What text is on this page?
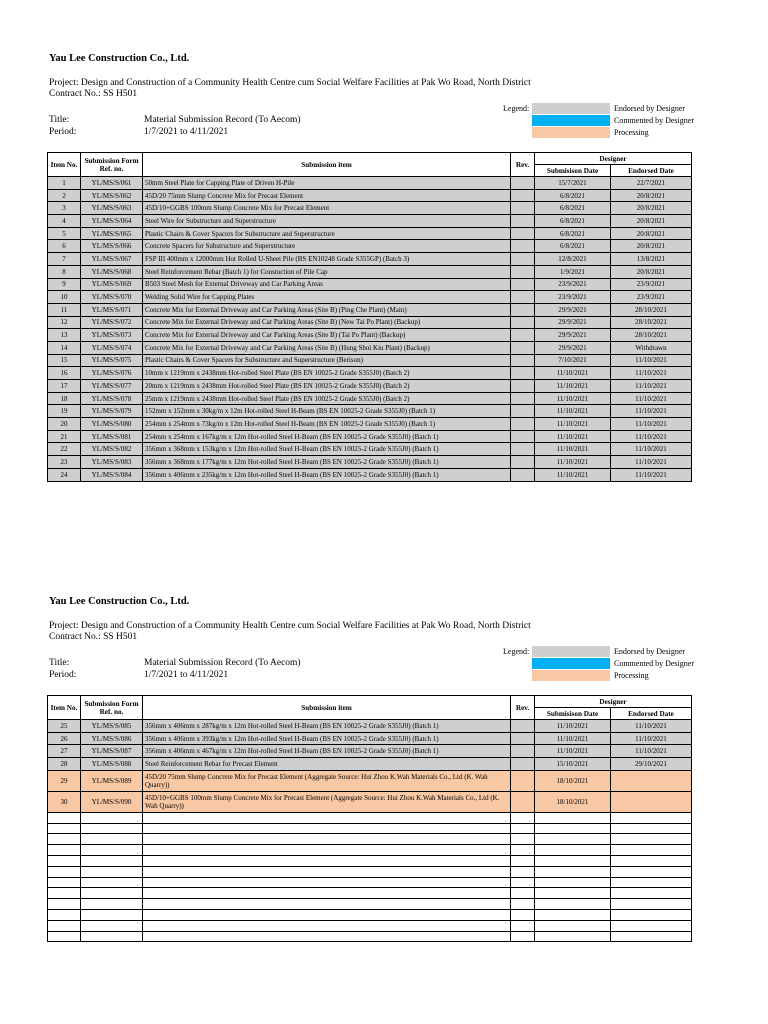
Yau Lee Construction Co., Ltd.
Project: Design and Construction of a Community Health Centre cum Social Welfare Facilities at Pak Wo Road, North District
Contract No.: SS H501
Title:	Material Submission Record (To Aecom)
Period:	1/7/2021 to 4/11/2021
Legend:	Endorsed by Designer
Commented by Designer
Processing
Item No.	Submission Form Ref. no.	Submission item	Rev.	Designer	
				Submisison Date	Endorsed Date
1	YL/MS/S/061	50mm Steel Plate for Capping Plate of Driven H-Pile		15/7/2021	22/7/2021
2	YL/MS/S/062	45D/20 75mm Slump Concrete Mix for Precast Element		6/8/2021	20/8/2021
3	YL/MS/S/063	45D/10+GGBS 100mm Slump Concrete Mix for Precast Element		6/8/2021	20/8/2021
4	YL/MS/S/064	Steel Wire for Substructure and Superstructure		6/8/2021	20/8/2021
5	YL/MS/S/065	Plastic Chairs & Cover Spacers for Substructure and Superstructure		6/8/2021	20/8/2021
6	YL/MS/S/066	Concrete Spacers for Substructure and Superstructure		6/8/2021	20/8/2021
7	YL/MS/S/067	FSP III 400mm x 12000mm Hot Rolled U-Sheet Pile (BS EN10248 Grade S355GP) (Batch 3)		12/8/2021	13/8/2021
8	YL/MS/S/068	Steel Reinforcement Rebar (Batch 1) for Constuction of Pile Cap		1/9/2021	20/8/2021
9	YL/MS/S/069	B503 Steel Mesh for External Driveway and Car Parking Areas		23/9/2021	23/9/2021
10	YL/MS/S/070	Welding Solid Wire for Capping Plates		23/9/2021	23/9/2021
11	YL/MS/S/071	Concrete Mix for External Driveway and Car Parking Areas (Site B) (Ping Che Plant) (Main)		29/9/2021	28/10/2021
12	YL/MS/S/072	Concrete Mix for External Driveway and Car Parking Areas (Site B) (New Tai Po Plant) (Backup)		29/9/2021	28/10/2021
13	YL/MS/S/073	Concrete Mix for External Driveway and Car Parking Areas (Site B) (Tai Po Plant) (Backup)		29/9/2021	28/10/2021
14	YL/MS/S/074	Concrete Mix for External Driveway and Car Parking Areas (Site B) (Hung Shui Kiu Plant) (Backup)		29/9/2021	Withdrawn
15	YL/MS/S/075	Plastic Chairs & Cover Spacers for Substructure and Superstructure (Berison)		7/10/2021	11/10/2021
16	YL/MS/S/076	10mm x 1219mm x 2438mm Hot-rolled Steel Plate (BS EN 10025-2 Grade S355J0) (Batch 2)		11/10/2021	11/10/2021
17	YL/MS/S/077	20mm x 1219mm x 2438mm Hot-rolled Steel Plate (BS EN 10025-2 Grade S355J0) (Batch 2)		11/10/2021	11/10/2021
18	YL/MS/S/078	25mm x 1219mm x 2438mm Hot-rolled Steel Plate (BS EN 10025-2 Grade S355J0) (Batch 2)		11/10/2021	11/10/2021
19	YL/MS/S/079	152mm x 152mm x 30kg/m x 12m Hot-rolled Steel H-Beam (BS EN 10025-2 Grade S355J0) (Batch 1)		11/10/2021	11/10/2021
20	YL/MS/S/080	254mm x 254mm x 73kg/m x 12m Hot-rolled Steel H-Beam (BS EN 10025-2 Grade S355J0) (Batch 1)		11/10/2021	11/10/2021
21	YL/MS/S/081	254mm x 254mm x 167kg/m x 12m Hot-rolled Steel H-Beam (BS EN 10025-2 Grade S355J0) (Batch 1)		11/10/2021	11/10/2021
22	YL/MS/S/082	356mm x 368mm x 153kg/m x 12m Hot-rolled Steel H-Beam (BS EN 10025-2 Grade S355J0) (Batch 1)		11/10/2021	11/10/2021
23	YL/MS/S/083	356mm x 368mm x 177kg/m x 12m Hot-rolled Steel H-Beam (BS EN 10025-2 Grade S355J0) (Batch 1)		11/10/2021	11/10/2021
24	YL/MS/S/084	356mm x 406mm x 235kg/m x 12m Hot-rolled Steel H-Beam (BS EN 10025-2 Grade S355J0) (Batch 1)		11/10/2021	11/10/2021
Yau Lee Construction Co., Ltd.
Project: Design and Construction of a Community Health Centre cum Social Welfare Facilities at Pak Wo Road, North District
Contract No.: SS H501
Title:	Material Submission Record (To Aecom)
Period:	1/7/2021 to 4/11/2021
Legend:	Endorsed by Designer
Commented by Designer
Processing
Item No.	Submission Form Ref. no.	Submission item	Rev.	Designer	
				Submisison Date	Endorsed Date
25	YL/MS/S/085	356mm x 406mm x 287kg/m x 12m Hot-rolled Steel H-Beam (BS EN 10025-2 Grade S355J0) (Batch 1)		11/10/2021	11/10/2021
26	YL/MS/S/086	356mm x 406mm x 393kg/m x 12m Hot-rolled Steel H-Beam (BS EN 10025-2 Grade S355J0) (Batch 1)		11/10/2021	11/10/2021
27	YL/MS/S/087	356mm x 406mm x 467kg/m x 12m Hot-rolled Steel H-Beam (BS EN 10025-2 Grade S355J0) (Batch 1)		11/10/2021	11/10/2021
28	YL/MS/S/088	Steel Reinforcement Rebar for Precast Element		15/10/2021	29/10/2021
29	YL/MS/S/089	45D/20 75mm Slump Concrete Mix for Precast Element (Aggregate Source: Hui Zhou K.Wah Materials Co., Ltd (K. Wah Quarry))		18/10/2021	
30	YL/MS/S/090	45D/10+GGBS 100mm Slump Concrete Mix for Precast Element (Aggregate Source: Hui Zhou K.Wah Materials Co., Ltd (K. Wah Quarry))		18/10/2021	
